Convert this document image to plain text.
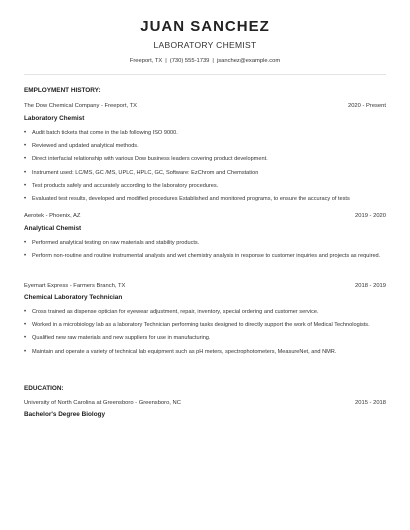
JUAN SANCHEZ
LABORATORY CHEMIST
Freeport, TX | (730) 555-1739 | jsanchez@example.com
EMPLOYMENT HISTORY:
The Dow Chemical Company - Freeport, TX	2020 - Present
Laboratory Chemist
• Audit batch tickets that come in the lab following ISO 9000.
• Reviewed and updated analytical methods.
• Direct interfacial relationship with various Dow business leaders covering product development.
• Instrument used: LC/MS, GC /MS, UPLC, HPLC, GC, Software: EzChrom and Chemstation
• Test products safely and accurately according to the laboratory procedures.
• Evaluated test results, developed and modified procedures Established and monitored programs, to ensure the accuracy of tests
Aerotek - Phoenix, AZ	2019 - 2020
Analytical Chemist
• Performed analytical testing on raw materials and stability products.
• Perform non-routine and routine instrumental analysis and wet chemistry analysis in response to customer inquiries and projects as required.
Eyemart Express - Farmers Branch, TX	2018 - 2019
Chemical Laboratory Technician
• Cross trained as dispense optician for eyewear adjustment, repair, inventory, special ordering and customer service.
• Worked in a microbiology lab as a laboratory Technician performing tasks designed to directly support the work of Medical Technologists.
• Qualified new raw materials and new suppliers for use in manufacturing.
• Maintain and operate a variety of technical lab equipment such as pH meters, spectrophotometers, MeasureNet, and NMR.
EDUCATION:
University of North Carolina at Greensboro - Greensboro, NC	2015 - 2018
Bachelor's Degree Biology
